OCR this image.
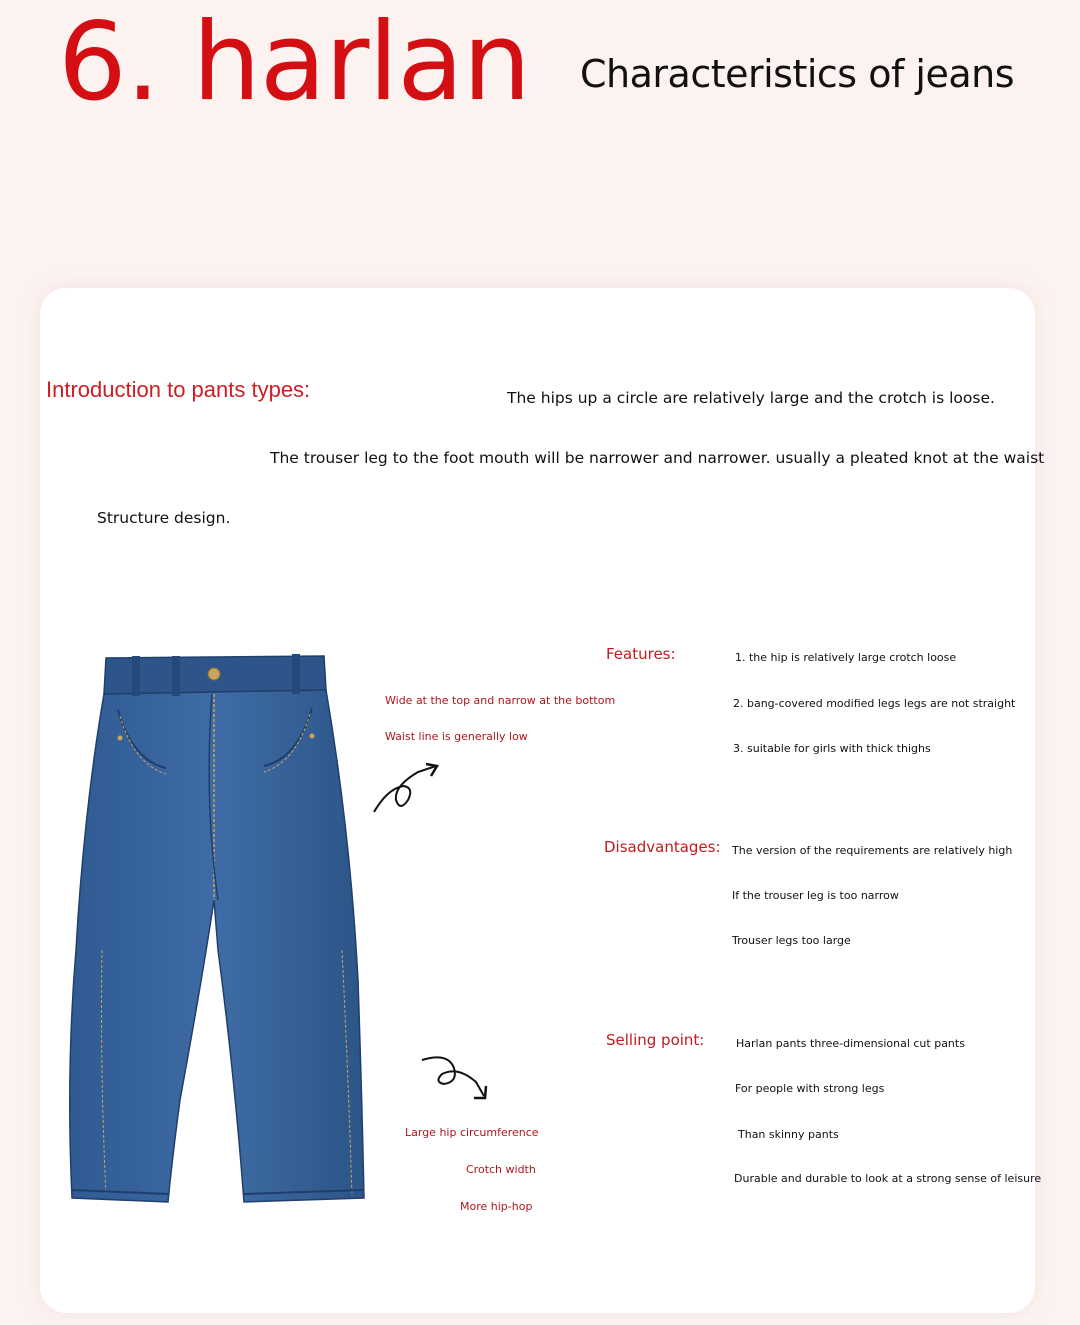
6. harlan Characteristics of jeans
Introduction to pants types:	The hips up a circle are relatively large and the crotch is loose.
The trouser leg to the foot mouth will be narrower and narrower. usually a pleated knot at the waist
Structure design.
Wide at the top and narrow at the bottom
Waist line is generally low
Large hip circumference
Crotch width
More hip-hop
Features:	1. the hip is relatively large crotch loose
2. bang-covered modified legs legs are not straight
3. suitable for girls with thick thighs
Disadvantages: The version of the requirements are relatively high
If the trouser leg is too narrow
Trouser legs too large
Selling point:	Harlan pants three-dimensional cut pants
For people with strong legs
Than skinny pants
Durable and durable to look at a strong sense of leisure
